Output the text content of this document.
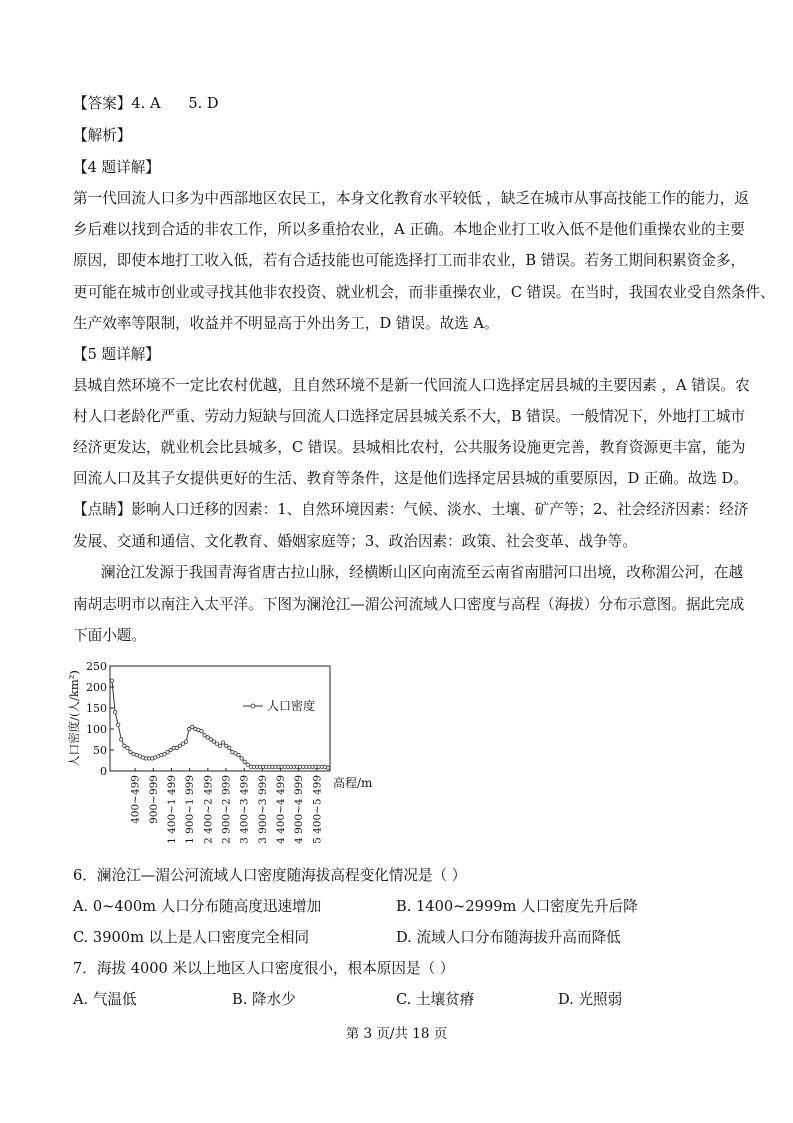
【答案】4. A      5. D
【解析】
【4 题详解】
第一代回流人口多为中西部地区农民工，本身文化教育水平较低 ，缺乏在城市从事高技能工作的能力，返
乡后难以找到合适的非农工作，所以多重拾农业，A 正确。本地企业打工收入低不是他们重操农业的主要
原因，即使本地打工收入低，若有合适技能也可能选择打工而非农业，B 错误。若务工期间积累资金多，
更可能在城市创业或寻找其他非农投资、就业机会，而非重操农业，C 错误。在当时，我国农业受自然条件、
生产效率等限制，收益并不明显高于外出务工，D 错误。故选 A。
【5 题详解】
县城自然环境不一定比农村优越，且自然环境不是新一代回流人口选择定居县城的主要因素 ，A 错误。农
村人口老龄化严重、劳动力短缺与回流人口选择定居县城关系不大，B 错误。一般情况下，外地打工城市
经济更发达，就业机会比县城多，C 错误。县城相比农村，公共服务设施更完善，教育资源更丰富，能为
回流人口及其子女提供更好的生活、教育等条件，这是他们选择定居县城的重要原因，D 正确。故选 D。
【点睛】影响人口迁移的因素：1、自然环境因素：气候、淡水、土壤、矿产等；2、社会经济因素：经济
发展、交通和通信、文化教育、婚姻家庭等；3、政治因素：政策、社会变革、战争等。
澜沧江发源于我国青海省唐古拉山脉，经横断山区向南流至云南省南腊河口出境，改称湄公河，在越
南胡志明市以南注入太平洋。下图为澜沧江—湄公河流域人口密度与高程（海拔）分布示意图。据此完成
下面小题。
0
50
100
150
200
250
人口密度/(人/km²)	人口密度
400~499 900~999 1 400~1 499 1 900~1 999 2 400~2 499 2 900~2 999 3 400~3 499 3 900~3 999 4 400~4 499 4 900~4 999 5 400~5 499 高程/m
6．澜沧江—湄公河流域人口密度随海拔高程变化情况是（ ）
A. 0~400m 人口分布随高度迅速增加	B. 1400~2999m 人口密度先升后降
C. 3900m 以上是人口密度完全相同	D. 流域人口分布随海拔升高而降低
7．海拔 4000 米以上地区人口密度很小，根本原因是（ ）
A. 气温低	B. 降水少	C. 土壤贫瘠	D. 光照弱
第 3 页/共 18 页
